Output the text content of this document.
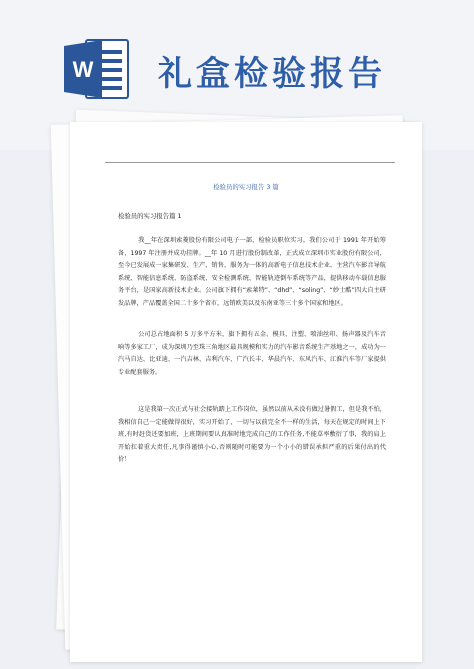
W 礼盒检验报告
检验员的实习报告 3 篇
检验员的实习报告篇 1
我__年在深圳索菱股份有限公司电子一部，检验员职位实习。我们公司于 1991 年开始筹备，1997 年注册并成功挂牌。__年 10 月进行股份制改革，正式成立深圳市实业股份有限公司，至今已发展成一家集研发、生产、销售、服务为一体的高新电子信息技术企业。主营汽车影音导航系统、智能信息系统、防盗系统、安全检测系统、智能轨迹倒车系统等产品，提供移动车载信息服务平台，是国家高新技术企业。公司旗下拥有“索莱特”、“dhd”、“soling”、“妙士酷”四大自主研发品牌，产品覆盖全国二十多个省市，远销欧美以及东南亚等三十多个国家和地区。
公司总占地面积 5 万多平方米，旗下拥有五金、模具、注塑、喷油丝印、扬声器及汽车音响等多家工厂，成为深圳乃至珠三角地区最具规模和实力的汽车影音系统生产基地之一，成功为一汽马自达、比亚迪、一汽吉林、吉利汽车、广汽长丰、华晨汽车、东风汽车、江淮汽车等厂家提供专业配套服务。
这是我第一次正式与社会接轨踏上工作岗位，虽然以前从未没有做过暑假工，但是我不怕，我相信自己一定能做得很好，实习开始了，一切与以前完全不一样的生活，每天在规定的时间上下班,有时赶货还要加班，上班期间要认真准时地完成自己的工作任务,不能草率敷衍了事，我的肩上开始扛着重大责任,凡事得谨慎小心,否则随时可能要为一个小小的错误承担严重的后果付出的代价！
